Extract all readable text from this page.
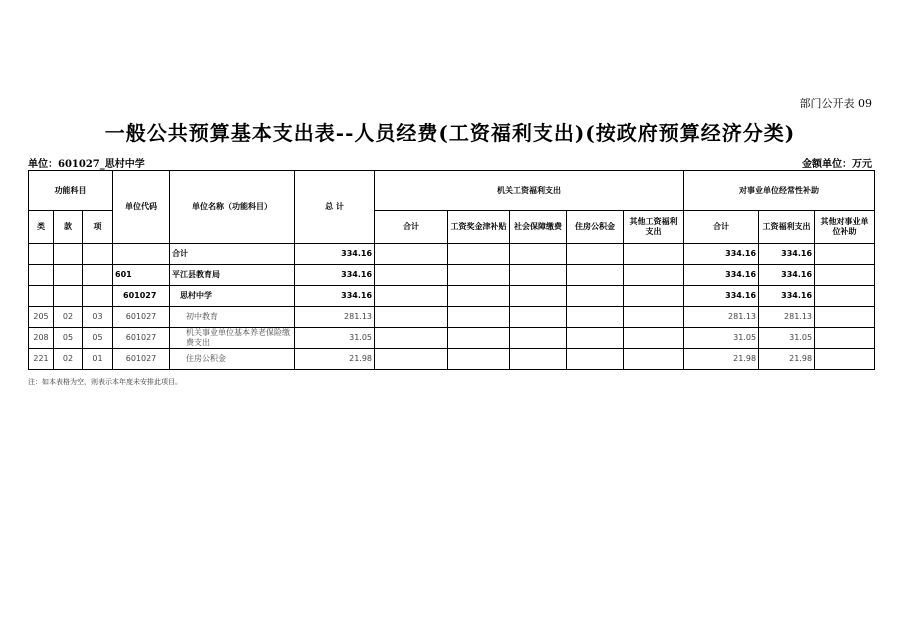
部门公开表 09
一般公共预算基本支出表--人员经费(工资福利支出)(按政府预算经济分类)
单位：601027_思村中学	金额单位：万元
功能科目			单位代码	单位名称（功能科目）	总 计	机关工资福利支出					对事业单位经常性补助		
类	款	项				合计	工资奖金津补贴	社会保障缴费	住房公积金	其他工资福利支出	合计	工资福利支出	其他对事业单位补助
				合计	334.16						334.16	334.16	
			601	平江县教育局	334.16						334.16	334.16	
			601027	思村中学	334.16						334.16	334.16	
205	02	03	601027	初中教育	281.13						281.13	281.13	
208	05	05	601027	机关事业单位基本养老保险缴费支出	31.05						31.05	31.05	
221	02	01	601027	住房公积金	21.98						21.98	21.98	
注：如本表格为空，则表示本年度未安排此项目。
